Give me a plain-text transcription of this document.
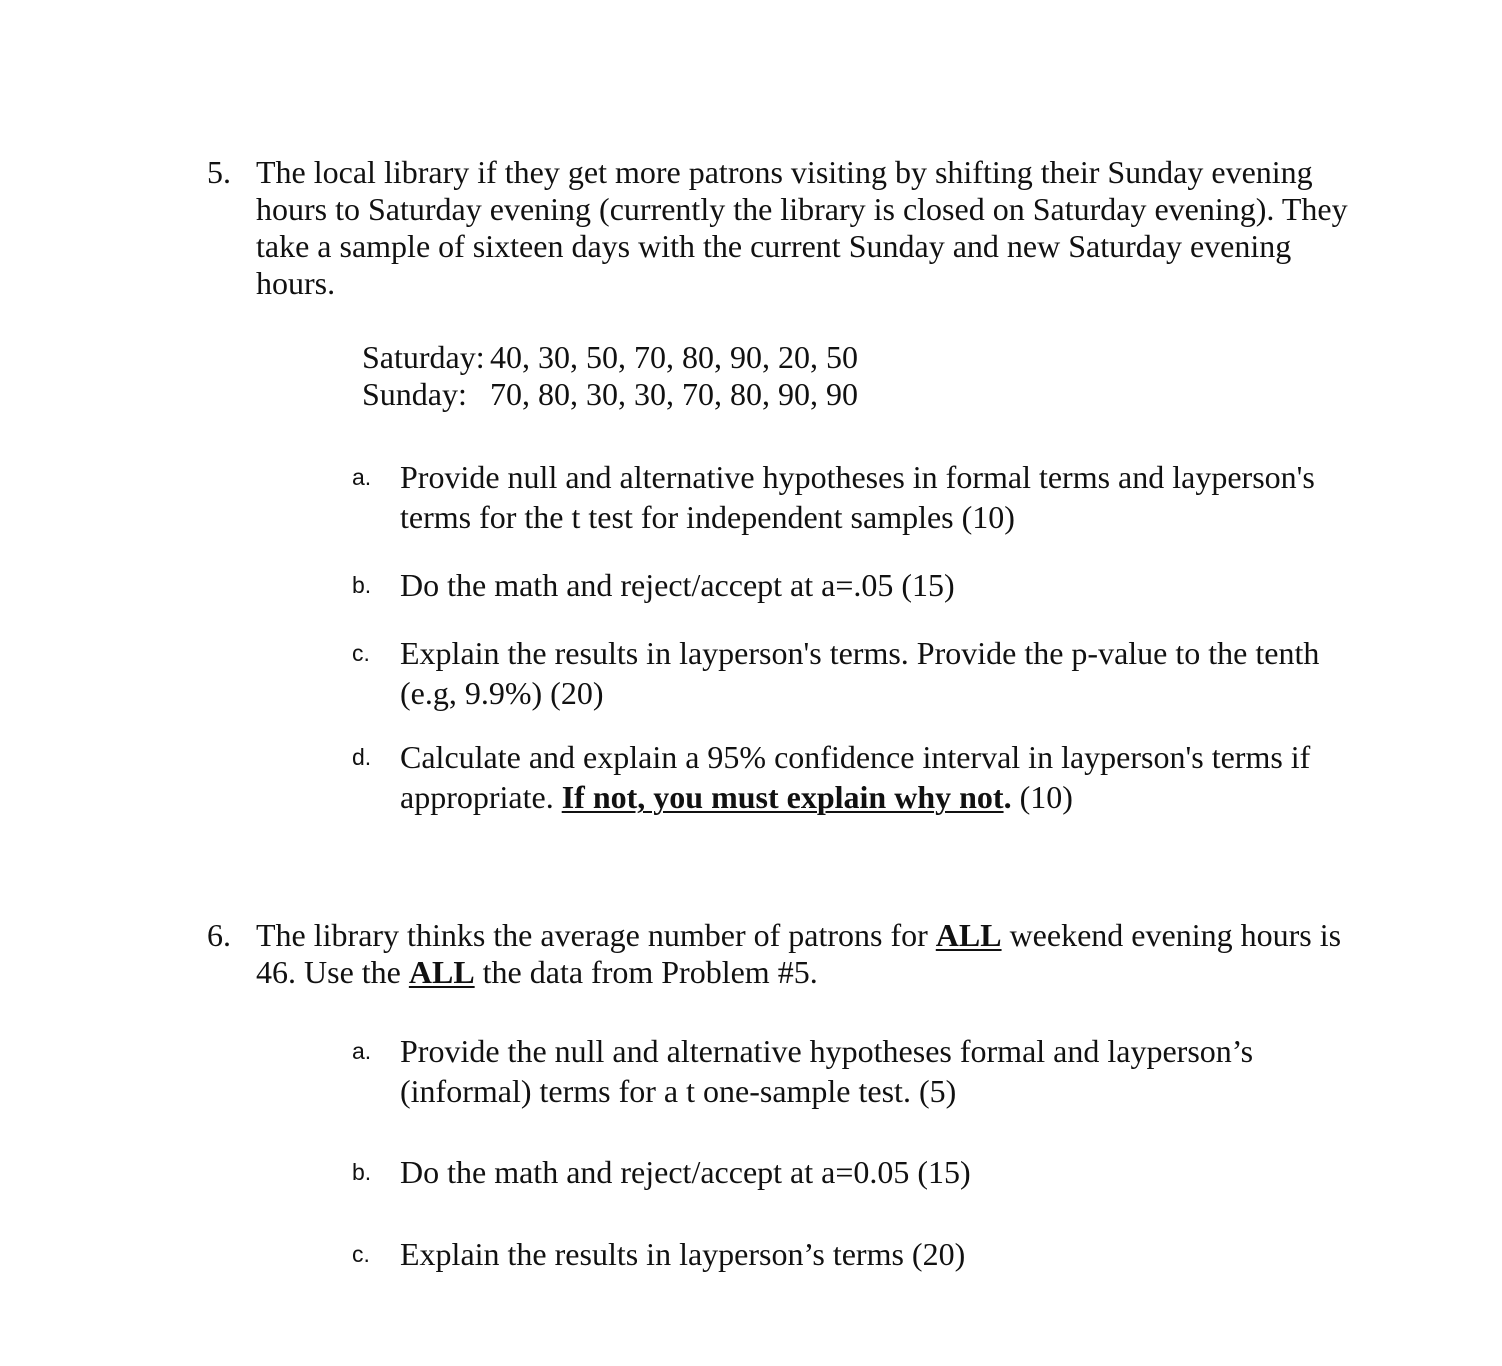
5. The local library if they get more patrons visiting by shifting their Sunday evening hours to Saturday evening (currently the library is closed on Saturday evening). They take a sample of sixteen days with the current Sunday and new Saturday evening hours.
Saturday: 40, 30, 50, 70, 80, 90, 20, 50
Sunday: 70, 80, 30, 30, 70, 80, 90, 90
a. Provide null and alternative hypotheses in formal terms and layperson's terms for the t test for independent samples (10)
b. Do the math and reject/accept at a=.05 (15)
c. Explain the results in layperson's terms. Provide the p-value to the tenth (e.g, 9.9%) (20)
d. Calculate and explain a 95% confidence interval in layperson's terms if appropriate. If not, you must explain why not. (10)
6. The library thinks the average number of patrons for ALL weekend evening hours is 46. Use the ALL the data from Problem #5.
a. Provide the null and alternative hypotheses formal and layperson’s (informal) terms for a t one-sample test. (5)
b. Do the math and reject/accept at a=0.05 (15)
c. Explain the results in layperson’s terms (20)
